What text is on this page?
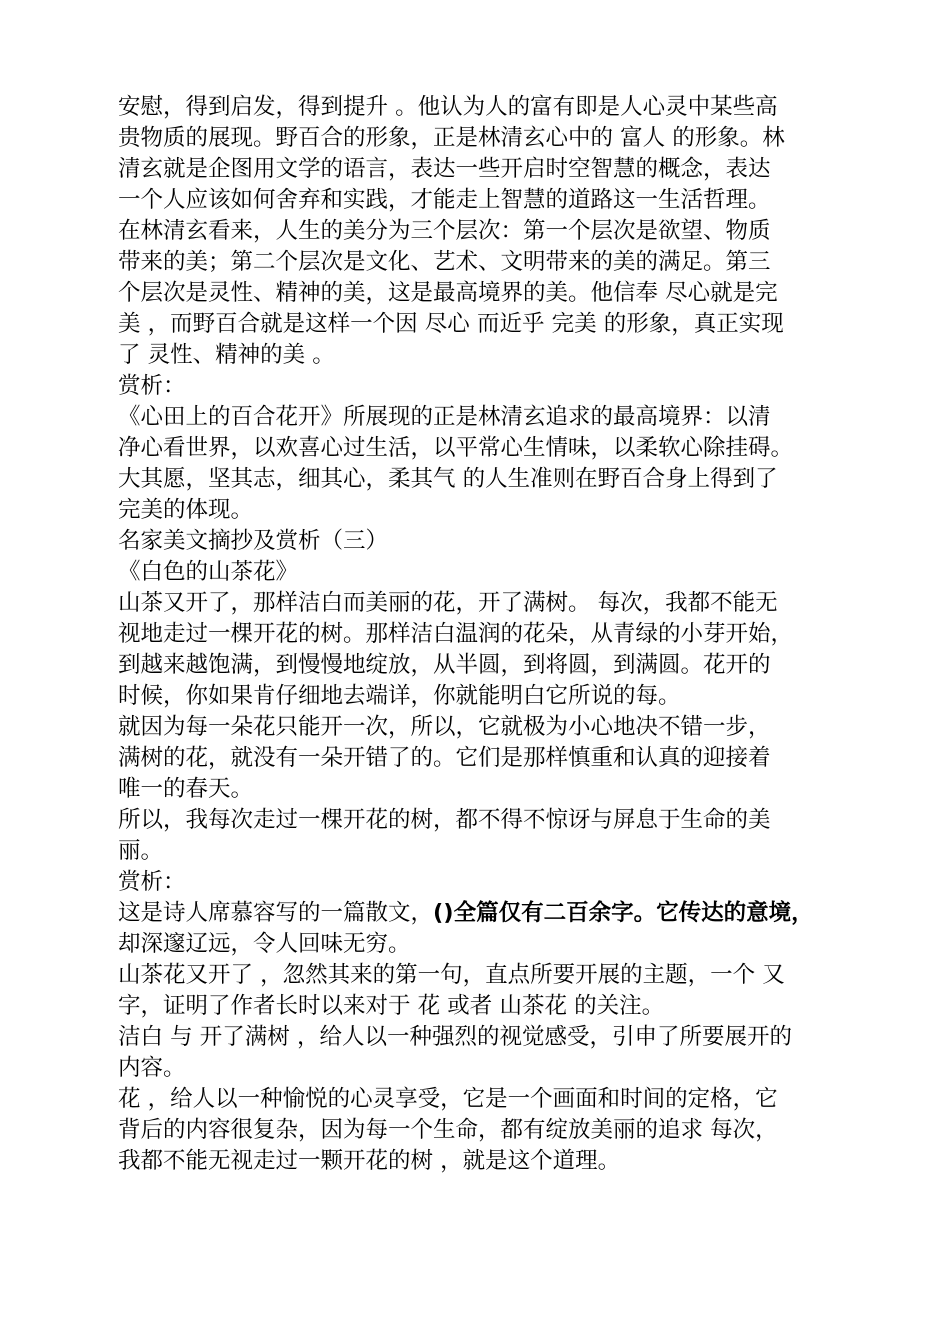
安慰，得到启发，得到提升 。他认为人的富有即是人心灵中某些高
贵物质的展现。野百合的形象，正是林清玄心中的 富人 的形象。林
清玄就是企图用文学的语言，表达一些开启时空智慧的概念，表达
一个人应该如何舍弃和实践，才能走上智慧的道路这一生活哲理。
在林清玄看来，人生的美分为三个层次：第一个层次是欲望、物质
带来的美；第二个层次是文化、艺术、文明带来的美的满足。第三
个层次是灵性、精神的美，这是最高境界的美。他信奉 尽心就是完
美 ，而野百合就是这样一个因 尽心 而近乎 完美 的形象，真正实现
了 灵性、精神的美 。
赏析：
《心田上的百合花开》所展现的正是林清玄追求的最高境界：以清
净心看世界，以欢喜心过生活，以平常心生情味，以柔软心除挂碍。
大其愿，坚其志，细其心，柔其气 的人生准则在野百合身上得到了
完美的体现。
名家美文摘抄及赏析（三）
《白色的山茶花》
山茶又开了，那样洁白而美丽的花，开了满树。 每次，我都不能无
视地走过一棵开花的树。那样洁白温润的花朵，从青绿的小芽开始，
到越来越饱满，到慢慢地绽放，从半圆，到将圆，到满圆。花开的
时候，你如果肯仔细地去端详，你就能明白它所说的每。
就因为每一朵花只能开一次，所以，它就极为小心地决不错一步，
满树的花，就没有一朵开错了的。它们是那样慎重和认真的迎接着
唯一的春天。
所以，我每次走过一棵开花的树，都不得不惊讶与屏息于生命的美
丽。
赏析：
这是诗人席慕容写的一篇散文，()全篇仅有二百余字。它传达的意境，
却深邃辽远，令人回味无穷。
山茶花又开了 ，忽然其来的第一句，直点所要开展的主题，一个 又
字，证明了作者长时以来对于 花 或者 山茶花 的关注。
洁白 与 开了满树 ，给人以一种强烈的视觉感受，引申了所要展开的
内容。
花 ，给人以一种愉悦的心灵享受，它是一个画面和时间的定格，它
背后的内容很复杂，因为每一个生命，都有绽放美丽的追求 每次，
我都不能无视走过一颗开花的树 ，就是这个道理。
